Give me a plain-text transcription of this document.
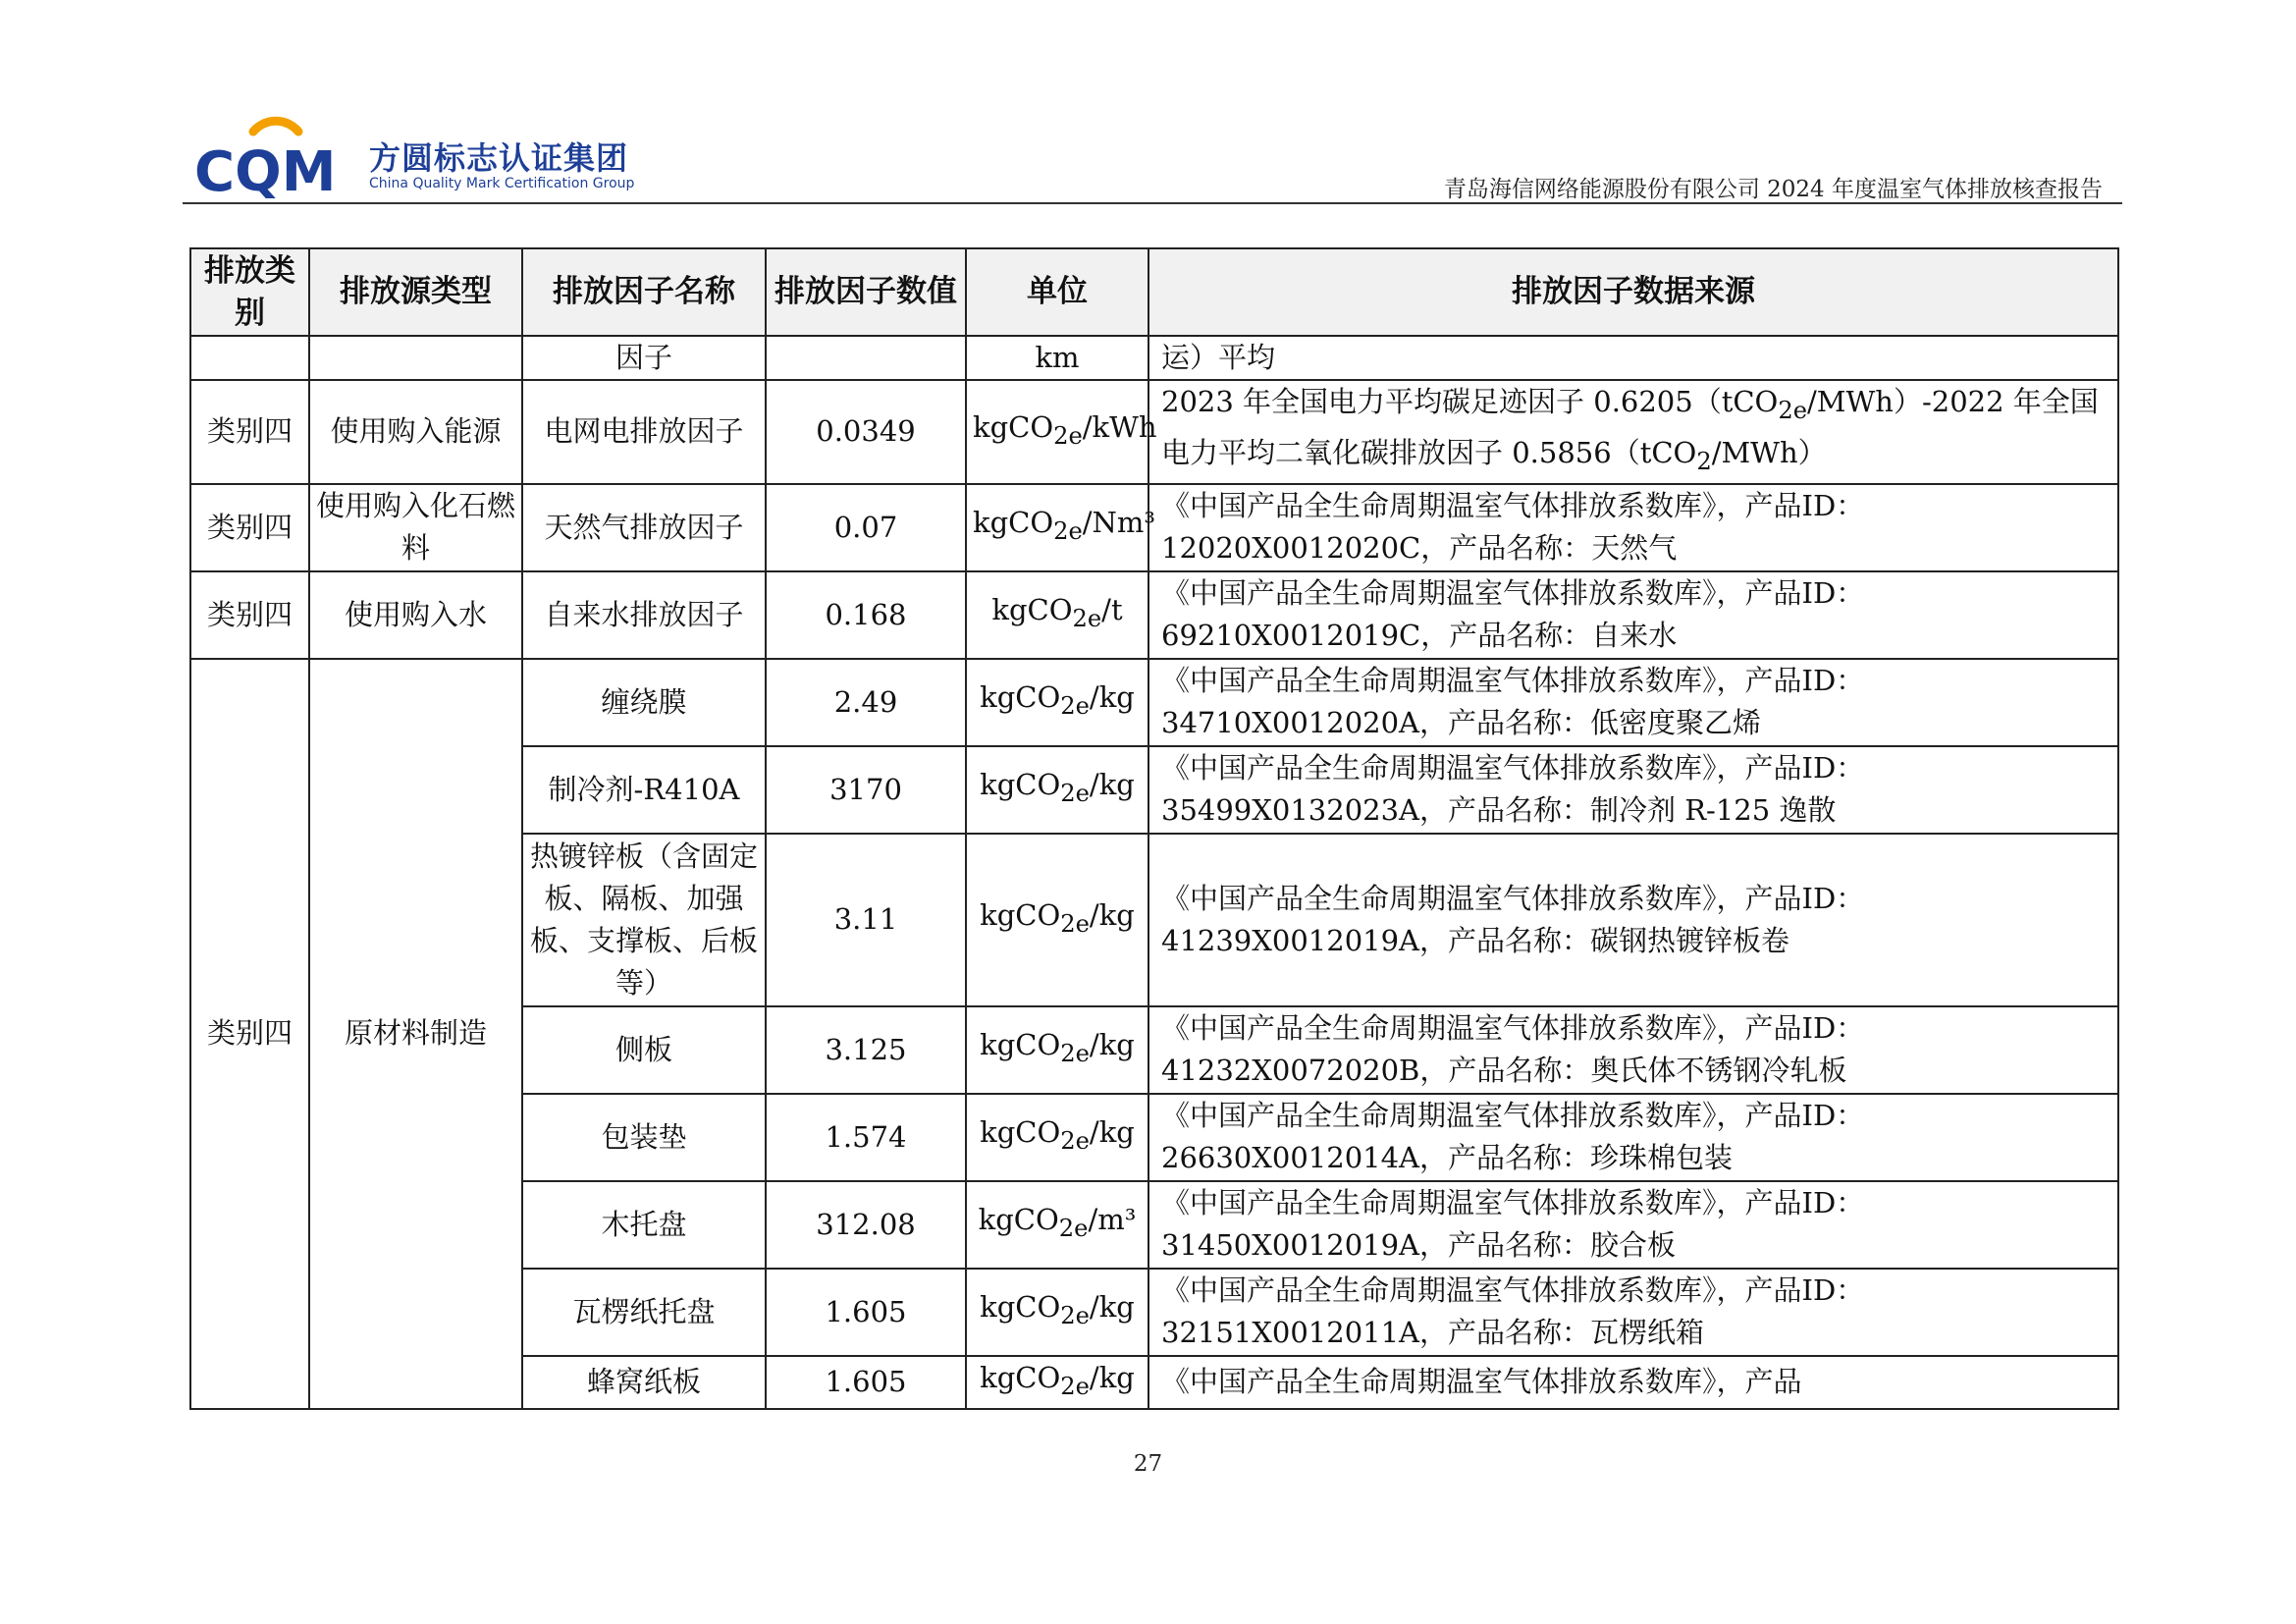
CQM 方圆标志认证集团
China Quality Mark Certification Group	青岛海信网络能源股份有限公司 2024 年度温室气体排放核查报告
排放类别	排放源类型	排放因子名称	排放因子数值	单位	排放因子数据来源
		因子		km	运）平均
类别四	使用购入能源	电网电排放因子	0.0349	kgCO$_{2e}$/kWh	2023 年全国电力平均碳足迹因子 0.6205（tCO$_{2e}$/MWh）-2022 年全国电力平均二氧化碳排放因子 0.5856（tCO$_2$/MWh）
类别四	使用购入化石燃料	天然气排放因子	0.07	kgCO$_{2e}$/Nm³	《中国产品全生命周期温室气体排放系数库》，产品ID：12020X0012020C，产品名称：天然气
类别四	使用购入水	自来水排放因子	0.168	kgCO$_{2e}$/t	《中国产品全生命周期温室气体排放系数库》，产品ID：69210X0012019C，产品名称：自来水
类别四	原材料制造	缠绕膜	2.49	kgCO$_{2e}$/kg	《中国产品全生命周期温室气体排放系数库》，产品ID：34710X0012020A，产品名称：低密度聚乙烯
		制冷剂-R410A	3170	kgCO$_{2e}$/kg	《中国产品全生命周期温室气体排放系数库》，产品ID：35499X0132023A，产品名称：制冷剂 R-125 逸散
		热镀锌板（含固定板、隔板、加强板、支撑板、后板等）	3.11	kgCO$_{2e}$/kg	《中国产品全生命周期温室气体排放系数库》，产品ID：41239X0012019A，产品名称：碳钢热镀锌板卷
		侧板	3.125	kgCO$_{2e}$/kg	《中国产品全生命周期温室气体排放系数库》，产品ID：41232X0072020B，产品名称：奥氏体不锈钢冷轧板
		包装垫	1.574	kgCO$_{2e}$/kg	《中国产品全生命周期温室气体排放系数库》，产品ID：26630X0012014A，产品名称：珍珠棉包装
		木托盘	312.08	kgCO$_{2e}$/m³	《中国产品全生命周期温室气体排放系数库》，产品ID：31450X0012019A，产品名称：胶合板
		瓦楞纸托盘	1.605	kgCO$_{2e}$/kg	《中国产品全生命周期温室气体排放系数库》，产品ID：32151X0012011A，产品名称：瓦楞纸箱
		蜂窝纸板	1.605	kgCO$_{2e}$/kg	《中国产品全生命周期温室气体排放系数库》，产品
27
